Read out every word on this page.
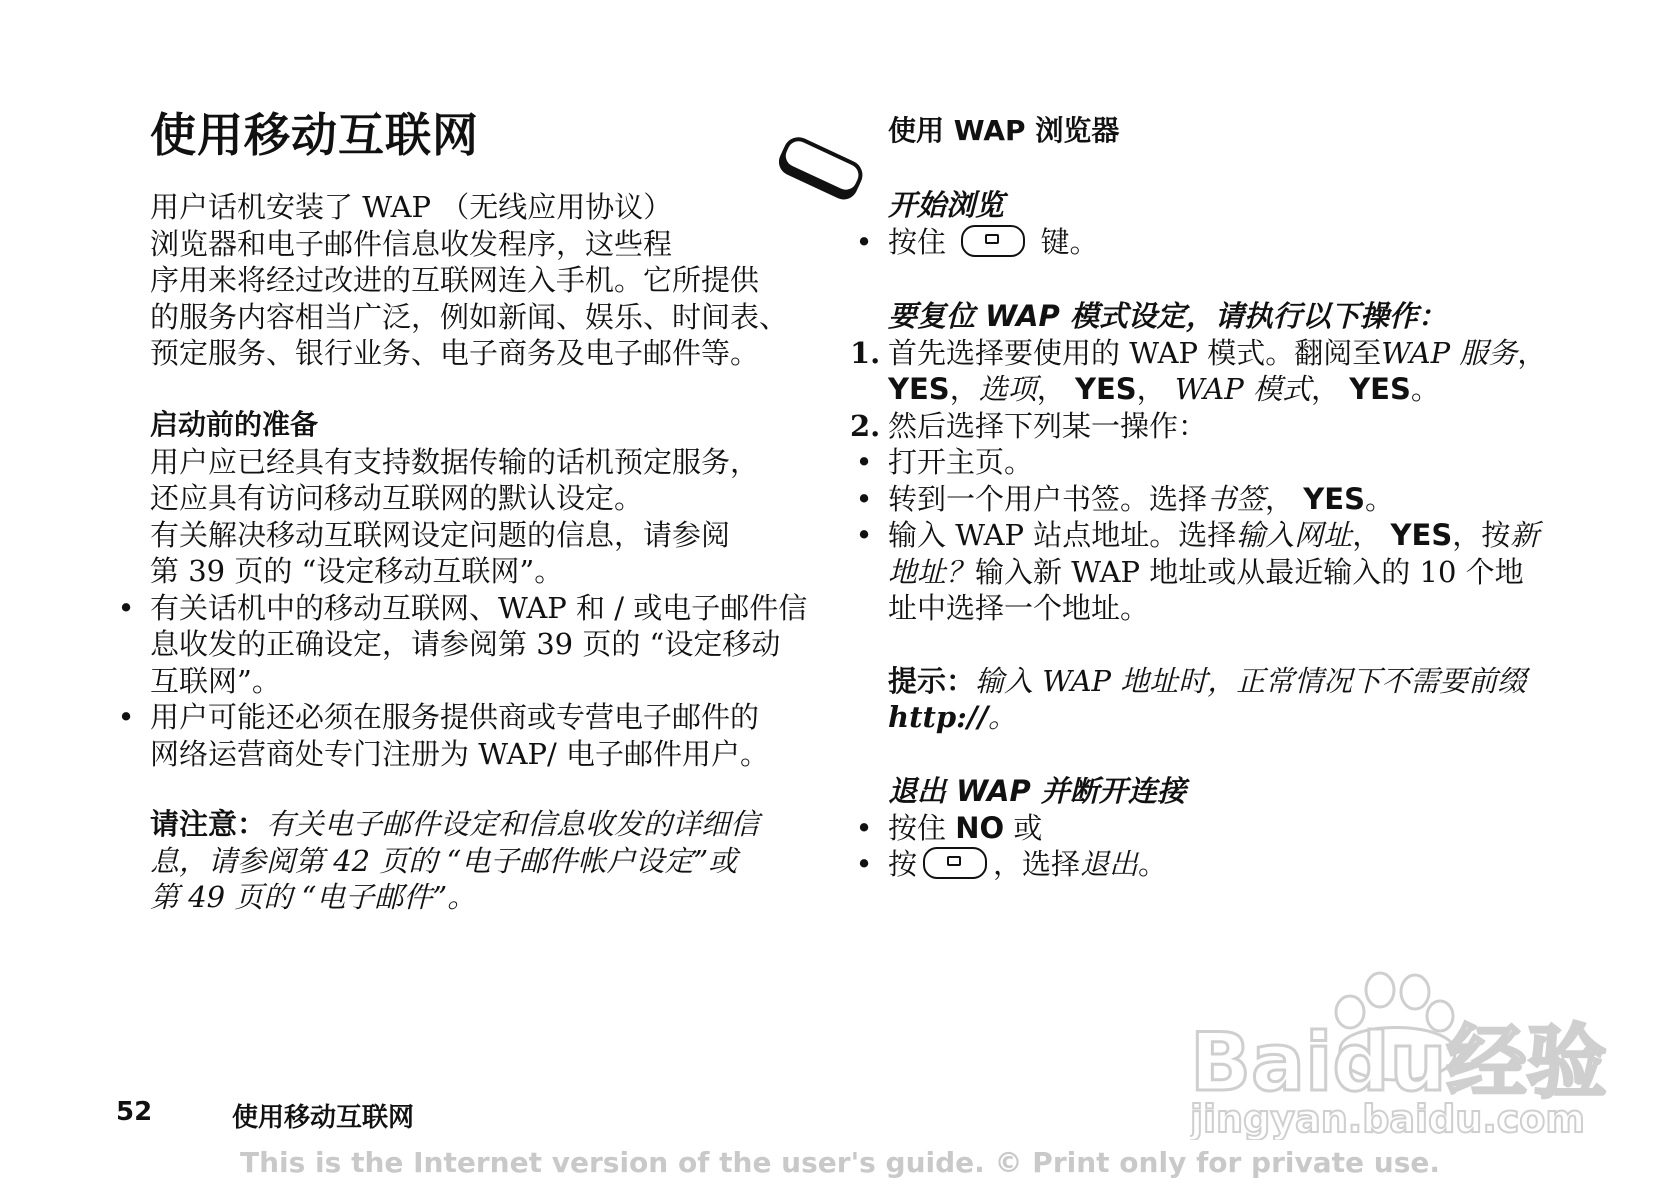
使用移动互联网

用户话机安装了 WAP （无线应用协议）
浏览器和电子邮件信息收发程序，这些程
序用来将经过改进的互联网连入手机。它所提供
的服务内容相当广泛，例如新闻、娱乐、时间表、
预定服务、银行业务、电子商务及电子邮件等。

启动前的准备

用户应已经具有支持数据传输的话机预定服务，
还应具有访问移动互联网的默认设定。
有关解决移动互联网设定问题的信息，请参阅
第 39 页的 “设定移动互联网”。

• 有关话机中的移动互联网、WAP 和 / 或电子邮件信
息收发的正确设定，请参阅第 39 页的 “设定移动
互联网”。
• 用户可能还必须在服务提供商或专营电子邮件的
网络运营商处专门注册为 WAP/ 电子邮件用户。
请注意：有关电子邮件设定和信息收发的详细信
息，请参阅第 42 页的 “电子邮件帐户设定”或
第 49 页的 “电子邮件”。
使用 WAP 浏览器
开始浏览
• 按住	键。
要复位 WAP 模式设定，请执行以下操作：
1. 首先选择要使用的 WAP 模式。翻阅至WAP 服务，
YES，选项， YES， WAP 模式， YES。
2. 然后选择下列某一操作：
• 打开主页。
• 转到一个用户书签。选择书签， YES。
• 输入 WAP 站点地址。选择输入网址， YES，按新
地址？输入新 WAP 地址或从最近输入的 10 个地
址中选择一个地址。
提示：输入 WAP 地址时，正常情况下不需要前缀
http://。
退出 WAP 并断开连接
• 按住 NO 或
• 按	，选择退出。
Baidu经验
jingyan.baidu.com
52	使用移动互联网
This is the Internet version of the user's guide. © Print only for private use.
